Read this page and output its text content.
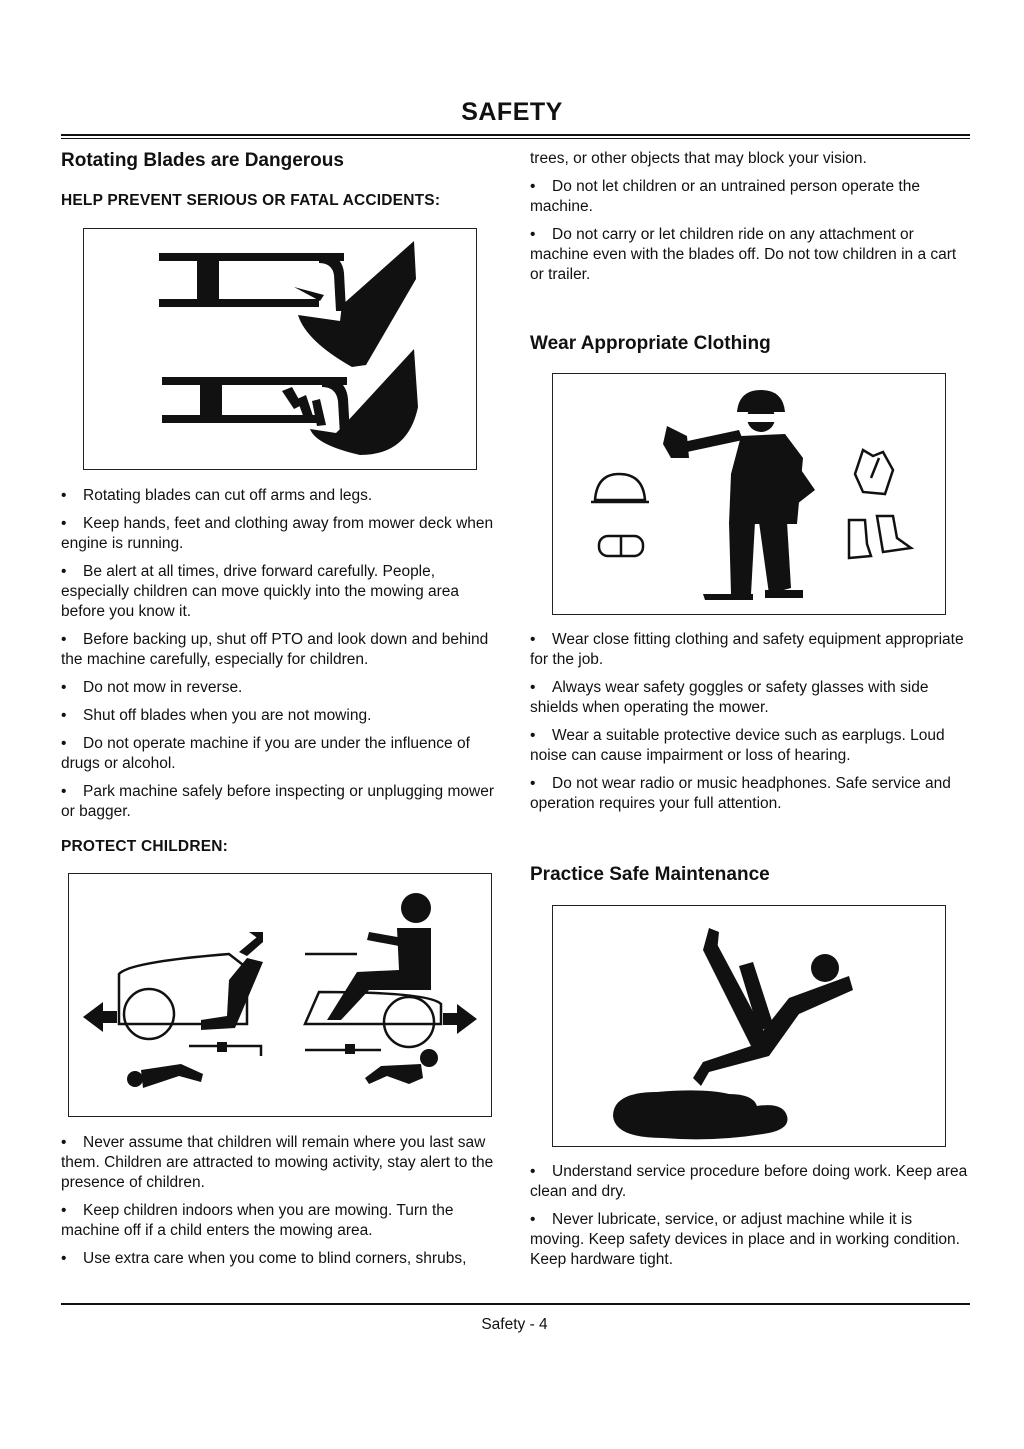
SAFETY
Rotating Blades are Dangerous
HELP PREVENT SERIOUS OR FATAL ACCIDENTS:

• Rotating blades can cut off arms and legs.

• Keep hands, feet and clothing away from mower deck when engine is running.

• Be alert at all times, drive forward carefully. People, especially children can move quickly into the mowing area before you know it.

• Before backing up, shut off PTO and look down and behind the machine carefully, especially for children.

• Do not mow in reverse.

• Shut off blades when you are not mowing.

• Do not operate machine if you are under the influence of drugs or alcohol.

• Park machine safely before inspecting or unplugging mower or bagger.

PROTECT CHILDREN:

• Never assume that children will remain where you last saw them. Children are attracted to mowing activity, stay alert to the presence of children.

• Keep children indoors when you are mowing. Turn the machine off if a child enters the mowing area.

• Use extra care when you come to blind corners, shrubs,

trees, or other objects that may block your vision.

• Do not let children or an untrained person operate the machine.

• Do not carry or let children ride on any attachment or machine even with the blades off. Do not tow children in a cart or trailer.

Wear Appropriate Clothing

• Wear close fitting clothing and safety equipment appropriate for the job.

• Always wear safety goggles or safety glasses with side shields when operating the mower.

• Wear a suitable protective device such as earplugs. Loud noise can cause impairment or loss of hearing.

• Do not wear radio or music headphones. Safe service and operation requires your full attention.

Practice Safe Maintenance

• Understand service procedure before doing work. Keep area clean and dry.

• Never lubricate, service, or adjust machine while it is moving. Keep safety devices in place and in working condition. Keep hardware tight.

Safety - 4
